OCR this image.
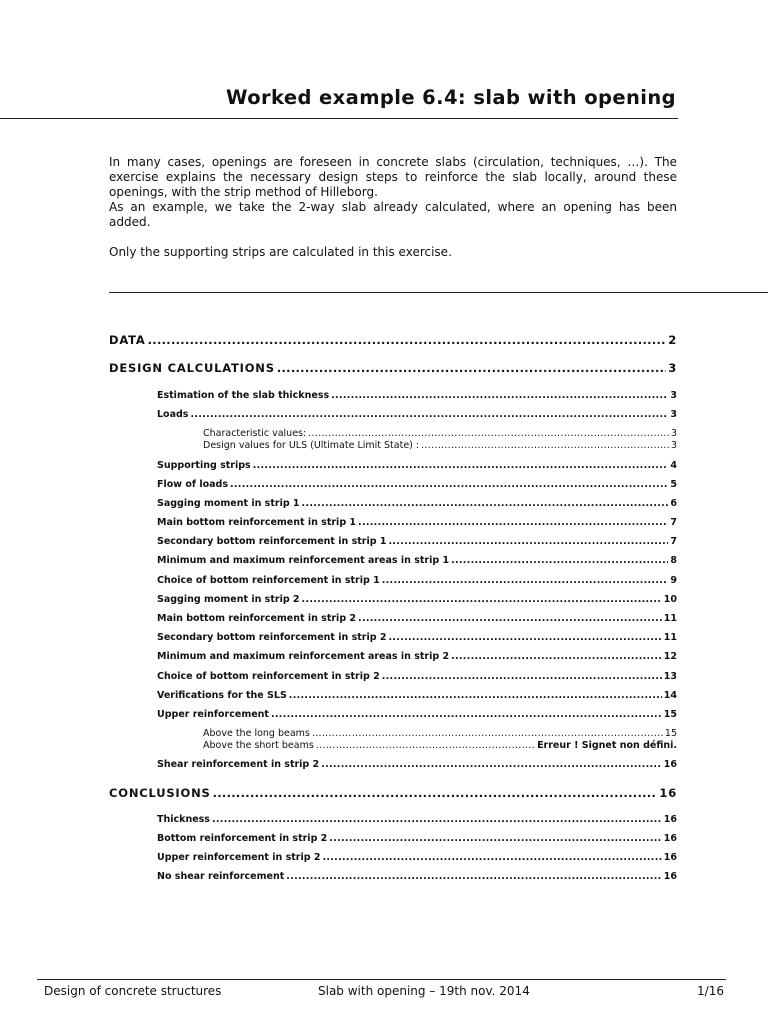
Worked example 6.4: slab with opening

In many cases, openings are foreseen in concrete slabs (circulation, techniques, …). The exercise explains the necessary design steps to reinforce the slab locally, around these openings, with the strip method of Hilleborg.

As an example, we take the 2-way slab already calculated, where an opening has been added.

Only the supporting strips are calculated in this exercise.

DATA .....	2
DESIGN CALCULATIONS .....	3
Estimation of the slab thickness .....	3
Loads .....	3
Characteristic values: .....	3
Design values for ULS (Ultimate Limit State) : .....	3
Supporting strips .....	4
Flow of loads .....	5
Sagging moment in strip 1 .....	6
Main bottom reinforcement in strip 1 .....	7
Secondary bottom reinforcement in strip 1 .....	7
Minimum and maximum reinforcement areas in strip 1 .....	8
Choice of bottom reinforcement in strip 1 .....	9
Sagging moment in strip 2 .....	10
Main bottom reinforcement in strip 2 .....	11
Secondary bottom reinforcement in strip 2 .....	11
Minimum and maximum reinforcement areas in strip 2 .....	12
Choice of bottom reinforcement in strip 2 .....	13
Verifications for the SLS .....	14
Upper reinforcement .....	15
Above the long beams .....	15
Above the short beams .....	Erreur ! Signet non défini.
Shear reinforcement in strip 2 .....	16
CONCLUSIONS .....	16
Thickness .....	16
Bottom reinforcement in strip 2 .....	16
Upper reinforcement in strip 2 .....	16
No shear reinforcement .....	16
Design of concrete structures	Slab with opening – 19th nov. 2014	1/16
